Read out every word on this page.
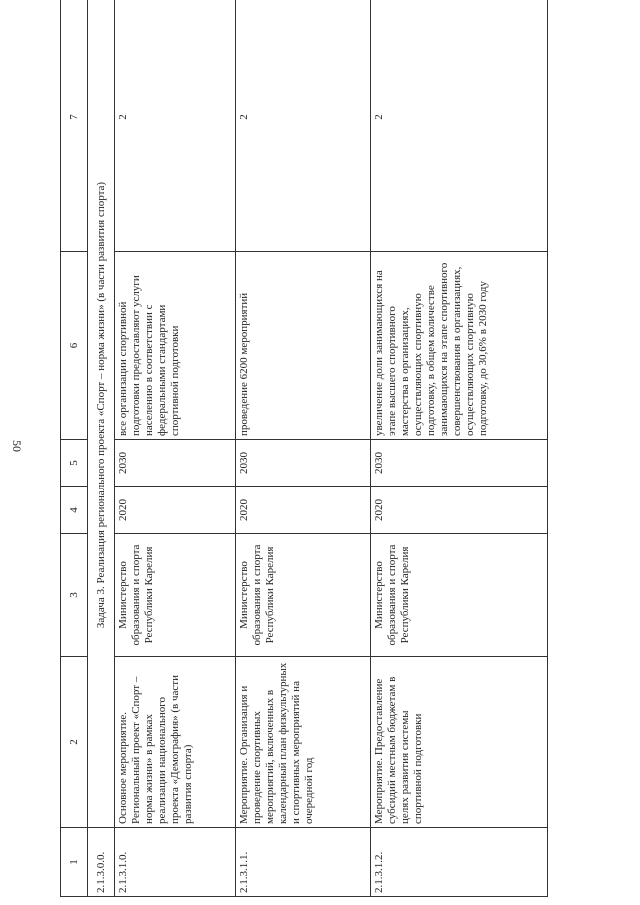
50
1	2	3	4	5	6	7
2.1.3.0.0.	Задача 3. Реализация регионального проекта «Спорт – норма жизни» (в части развития спорта)					
2.1.3.1.0.	Основное мероприятие. Региональный проект «Спорт – норма жизни» в рамках реализации национального проекта «Демография» (в части развития спорта)	Министерство образования и спорта Республики Карелия	2020	2030	все организации спортивной подготовки предоставляют услуги населению в соответствии с федеральными стандартами спортивной подготовки	2
2.1.3.1.1.	Мероприятие. Организация и проведение спортивных мероприятий, включенных в календарный план физкультурных и спортивных мероприятий на очередной год	Министерство образования и спорта Республики Карелия	2020	2030	проведение 6200 мероприятий	2
2.1.3.1.2.	Мероприятие. Предоставление субсидий местным бюджетам в целях развития системы спортивной подготовки	Министерство образования и спорта Республики Карелия	2020	2030	увеличение доли занимающихся на этапе высшего спортивного мастерства в организациях, осуществляющих спортивную подготовку, в общем количестве занимающихся на этапе спортивного совершенствования в организациях, осуществляющих спортивную подготовку, до 30,6% в 2030 году	2
